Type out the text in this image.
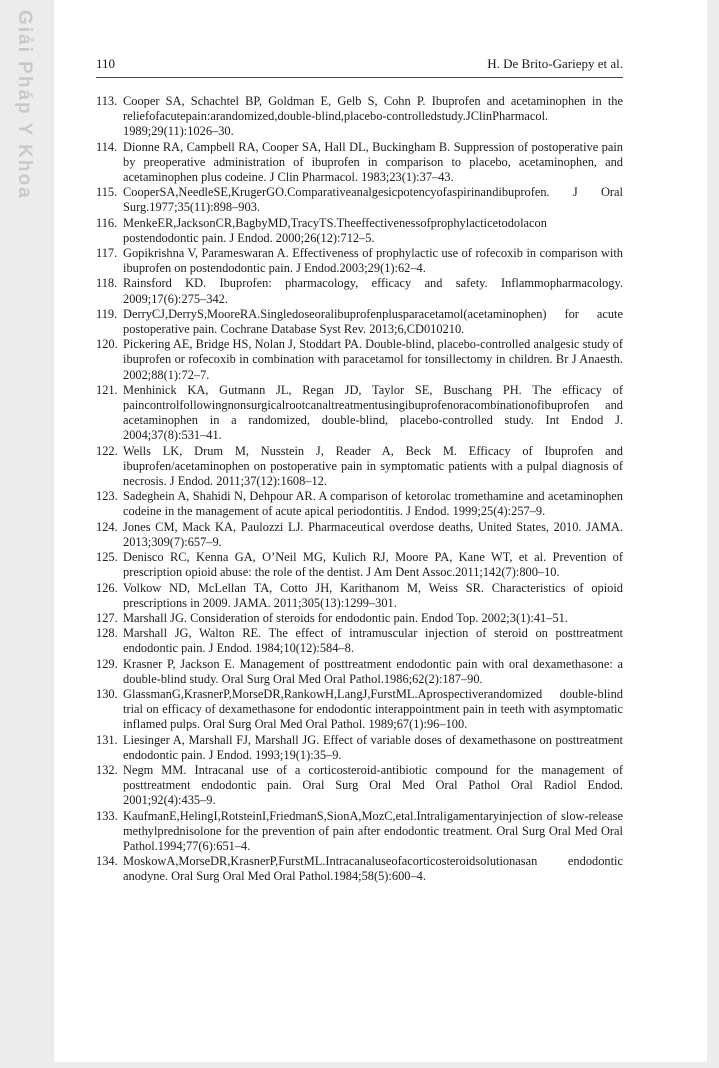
Giải Pháp Y Khoa	110	H. De Brito-Gariepy et al.
113. Cooper SA, Schachtel BP, Goldman E, Gelb S, Cohn P. Ibuprofen and acetaminophen in the reliefofacutepain:arandomized,double-blind,placebo-controlledstudy.JClinPharmacol. 1989;29(11):1026–30.
114. Dionne RA, Campbell RA, Cooper SA, Hall DL, Buckingham B. Suppression of postoperative pain by preoperative administration of ibuprofen in comparison to placebo, acetaminophen, and acetaminophen plus codeine. J Clin Pharmacol. 1983;23(1):37–43.
115. CooperSA,NeedleSE,KrugerGO.Comparativeanalgesicpotencyofaspirinandibuprofen. J Oral Surg.1977;35(11):898–903.
116. MenkeER,JacksonCR,BagbyMD,TracyTS.Theeffectivenessofprophylacticetodolacon postendodontic pain. J Endod. 2000;26(12):712–5.
117. Gopikrishna V, Parameswaran A. Effectiveness of prophylactic use of rofecoxib in comparison with ibuprofen on postendodontic pain. J Endod.2003;29(1):62–4.
118. Rainsford KD. Ibuprofen: pharmacology, efficacy and safety. Inflammopharmacology. 2009;17(6):275–342.
119. DerryCJ,DerryS,MooreRA.Singledoseoralibuprofenplusparacetamol(acetaminophen) for acute postoperative pain. Cochrane Database Syst Rev. 2013;6,CD010210.
120. Pickering AE, Bridge HS, Nolan J, Stoddart PA. Double-blind, placebo-controlled analgesic study of ibuprofen or rofecoxib in combination with paracetamol for tonsillectomy in children. Br J Anaesth. 2002;88(1):72–7.
121. Menhinick KA, Gutmann JL, Regan JD, Taylor SE, Buschang PH. The efficacy of paincontrolfollowingnonsurgicalrootcanaltreatmentusingibuprofenoracombinationofibuprofen and acetaminophen in a randomized, double-blind, placebo-controlled study. Int Endod J. 2004;37(8):531–41.
122. Wells LK, Drum M, Nusstein J, Reader A, Beck M. Efficacy of Ibuprofen and ibuprofen/acetaminophen on postoperative pain in symptomatic patients with a pulpal diagnosis of necrosis. J Endod. 2011;37(12):1608–12.
123. Sadeghein A, Shahidi N, Dehpour AR. A comparison of ketorolac tromethamine and acetaminophen codeine in the management of acute apical periodontitis. J Endod. 1999;25(4):257–9.
124. Jones CM, Mack KA, Paulozzi LJ. Pharmaceutical overdose deaths, United States, 2010. JAMA. 2013;309(7):657–9.
125. Denisco RC, Kenna GA, O’Neil MG, Kulich RJ, Moore PA, Kane WT, et al. Prevention of prescription opioid abuse: the role of the dentist. J Am Dent Assoc.2011;142(7):800–10.
126. Volkow ND, McLellan TA, Cotto JH, Karithanom M, Weiss SR. Characteristics of opioid prescriptions in 2009. JAMA. 2011;305(13):1299–301.
127. Marshall JG. Consideration of steroids for endodontic pain. Endod Top. 2002;3(1):41–51.
128. Marshall JG, Walton RE. The effect of intramuscular injection of steroid on posttreatment endodontic pain. J Endod. 1984;10(12):584–8.
129. Krasner P, Jackson E. Management of posttreatment endodontic pain with oral dexamethasone: a double-blind study. Oral Surg Oral Med Oral Pathol.1986;62(2):187–90.
130. GlassmanG,KrasnerP,MorseDR,RankowH,LangJ,FurstML.Aprospectiverandomized double-blind trial on efficacy of dexamethasone for endodontic interappointment pain in teeth with asymptomatic inflamed pulps. Oral Surg Oral Med Oral Pathol. 1989;67(1):96–100.
131. Liesinger A, Marshall FJ, Marshall JG. Effect of variable doses of dexamethasone on posttreatment endodontic pain. J Endod. 1993;19(1):35–9.
132. Negm MM. Intracanal use of a corticosteroid-antibiotic compound for the management of posttreatment endodontic pain. Oral Surg Oral Med Oral Pathol Oral Radiol Endod. 2001;92(4):435–9.
133. KaufmanE,HelingI,RotsteinI,FriedmanS,SionA,MozC,etal.Intraligamentaryinjection of slow-release methylprednisolone for the prevention of pain after endodontic treatment. Oral Surg Oral Med Oral Pathol.1994;77(6):651–4.
134. MoskowA,MorseDR,KrasnerP,FurstML.Intracanaluseofacorticosteroidsolutionasan endodontic anodyne. Oral Surg Oral Med Oral Pathol.1984;58(5):600–4.
